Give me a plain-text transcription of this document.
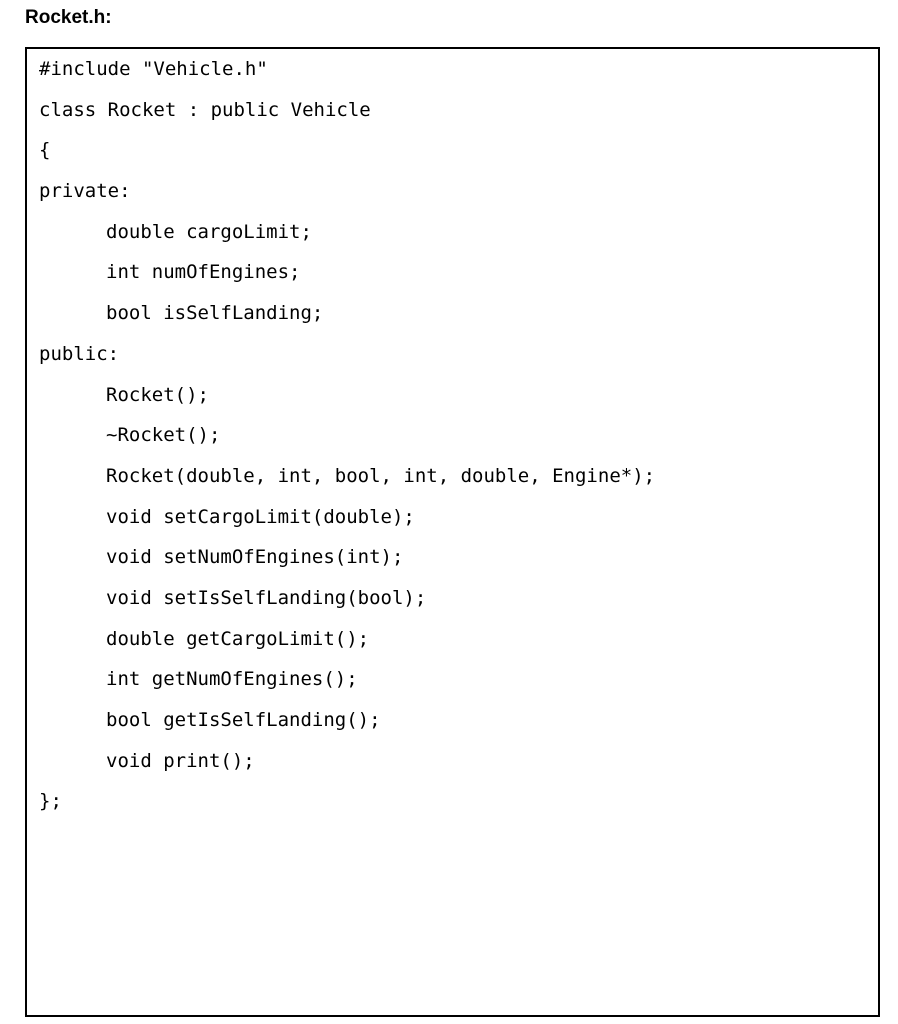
Rocket.h:
#include "Vehicle.h"
class Rocket : public Vehicle
{
private:
double cargoLimit;
int numOfEngines;
bool isSelfLanding;
public:
Rocket();
~Rocket();
Rocket(double, int, bool, int, double, Engine*);
void setCargoLimit(double);
void setNumOfEngines(int);
void setIsSelfLanding(bool);
double getCargoLimit();
int getNumOfEngines();
bool getIsSelfLanding();
void print();
};
